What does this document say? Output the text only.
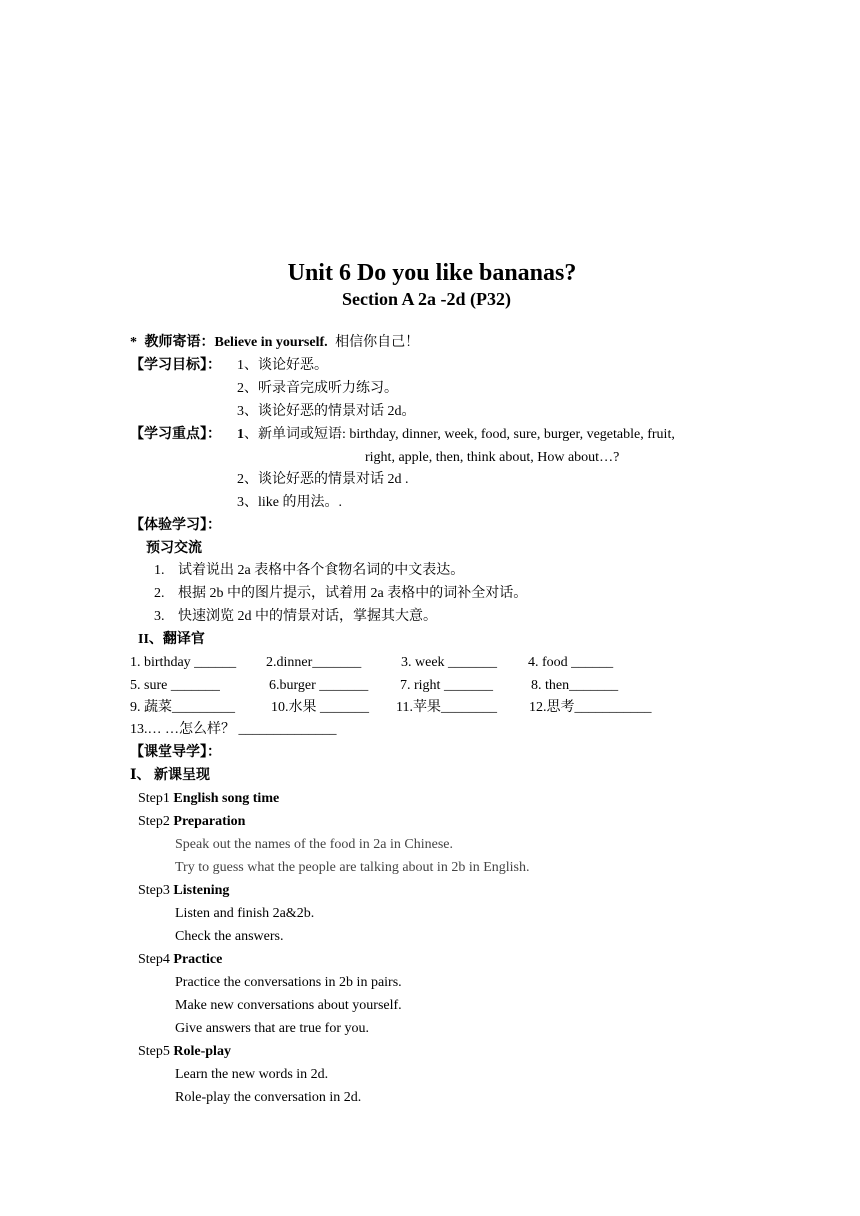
Unit 6 Do you like bananas?
Section A 2a -2d (P32)
* 教师寄语：Believe in yourself. 相信你自己！
【学习目标】： 1、谈论好恶。
2、听录音完成听力练习。
3、谈论好恶的情景对话 2d。
【学习重点】： 1、新单词或短语: birthday, dinner, week, food, sure, burger, vegetable, fruit,
right, apple, then, think about, How about…?
2、谈论好恶的情景对话 2d .
3、like 的用法。.
【体验学习】：
预习交流
1. 试着说出 2a 表格中各个食物名词的中文表达。
2. 根据 2b 中的图片提示，试着用 2a 表格中的词补全对话。
3. 快速浏览 2d 中的情景对话，掌握其大意。
II、翻译官
1. birthday ______ 2.dinner_______	3. week _______ 4. food ______
5. sure _______	6.burger _______ 7. right _______	8. then_______
9. 蔬菜_________	10.水果 _______ 11.苹果________ 12.思考___________
13.… …怎么样？ ______________
【课堂导学】：
Ⅰ、 新课呈现
Step1 English song time
Step2 Preparation
Speak out the names of the food in 2a in Chinese.
Try to guess what the people are talking about in 2b in English.
Step3 Listening
Listen and finish 2a&2b.
Check the answers.
Step4 Practice
Practice the conversations in 2b in pairs.
Make new conversations about yourself.
Give answers that are true for you.
Step5 Role-play
Learn the new words in 2d.
Role-play the conversation in 2d.
